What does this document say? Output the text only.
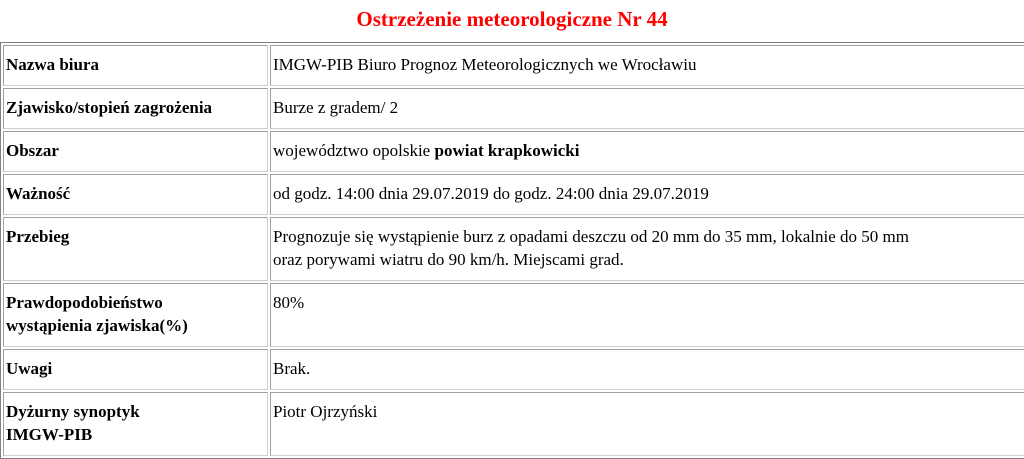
Ostrzeżenie meteorologiczne Nr 44
Nazwa biura	IMGW-PIB Biuro Prognoz Meteorologicznych we Wrocławiu
Zjawisko/stopień zagrożenia	Burze z gradem/ 2
Obszar	województwo opolskie powiat krapkowicki
Ważność	od godz. 14:00 dnia 29.07.2019 do godz. 24:00 dnia 29.07.2019
Przebieg	Prognozuje się wystąpienie burz z opadami deszczu od 20 mm do 35 mm, lokalnie do 50 mm
oraz porywami wiatru do 90 km/h. Miejscami grad.
Prawdopodobieństwo
wystąpienia zjawiska(%)	80%
Uwagi	Brak.
Dyżurny synoptyk
IMGW-PIB	Piotr Ojrzyński
